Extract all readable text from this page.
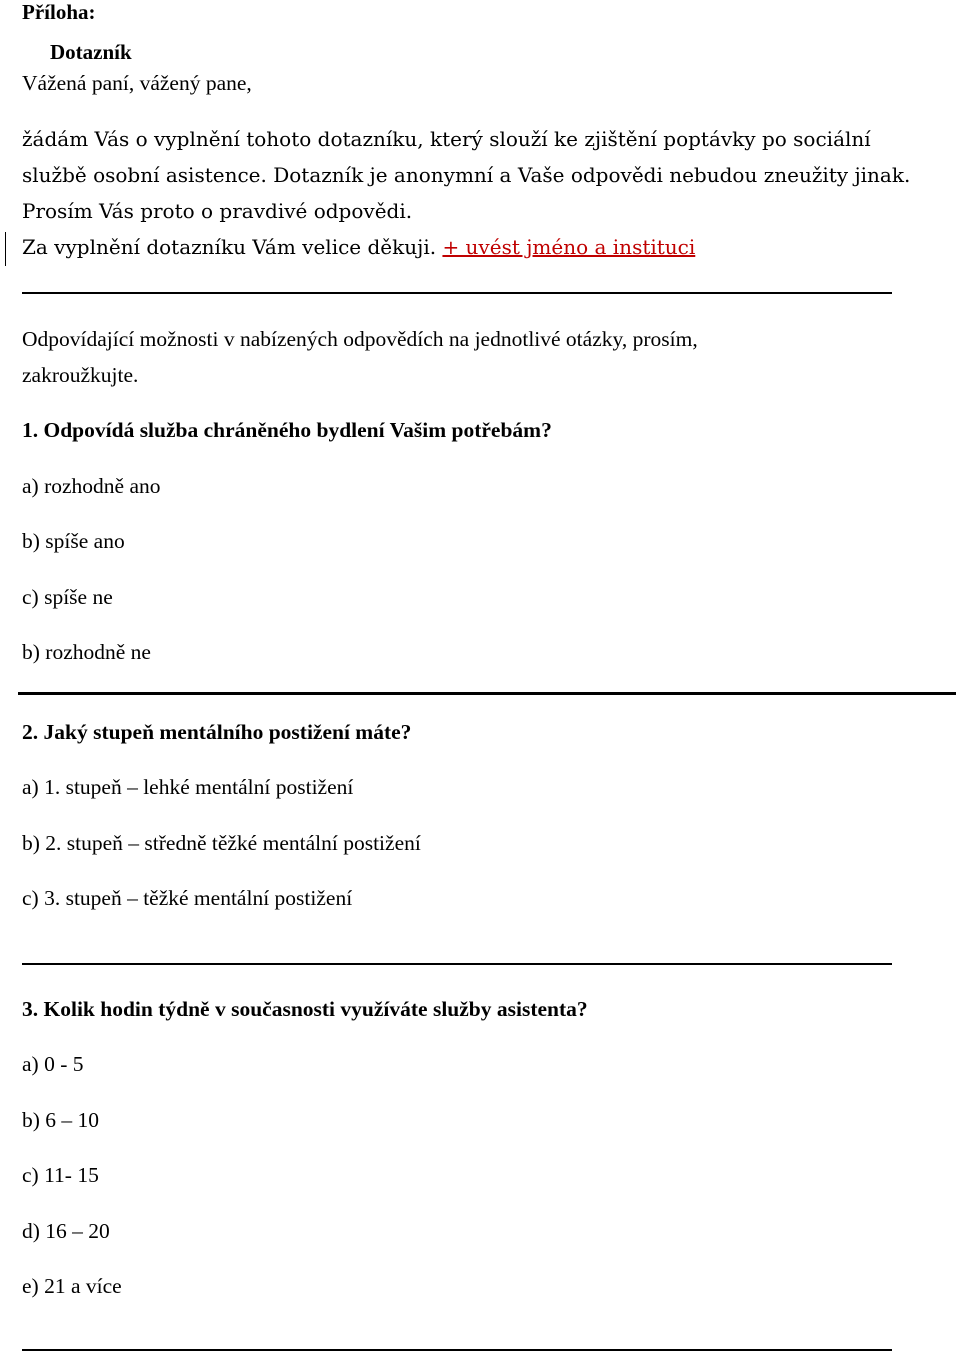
Příloha:
Dotazník
Vážená paní, vážený pane,
žádám Vás o vyplnění tohoto dotazníku, který slouží ke zjištění poptávky po sociální
službě osobní asistence. Dotazník je anonymní a Vaše odpovědi nebudou zneužity jinak.
Prosím Vás proto o pravdivé odpovědi.
Za vyplnění dotazníku Vám velice děkuji. + uvést jméno a instituci
Odpovídající možnosti v nabízených odpovědích na jednotlivé otázky, prosím,
zakroužkujte.
1. Odpovídá služba chráněného bydlení Vašim potřebám?
a) rozhodně ano
b) spíše ano
c) spíše ne
b) rozhodně ne
2. Jaký stupeň mentálního postižení máte?
a) 1. stupeň – lehké mentální postižení
b) 2. stupeň – středně těžké mentální postižení
c) 3. stupeň – těžké mentální postižení
3. Kolik hodin týdně v současnosti využíváte služby asistenta?
a) 0 - 5
b) 6 – 10
c) 11- 15
d) 16 – 20
e) 21 a více
